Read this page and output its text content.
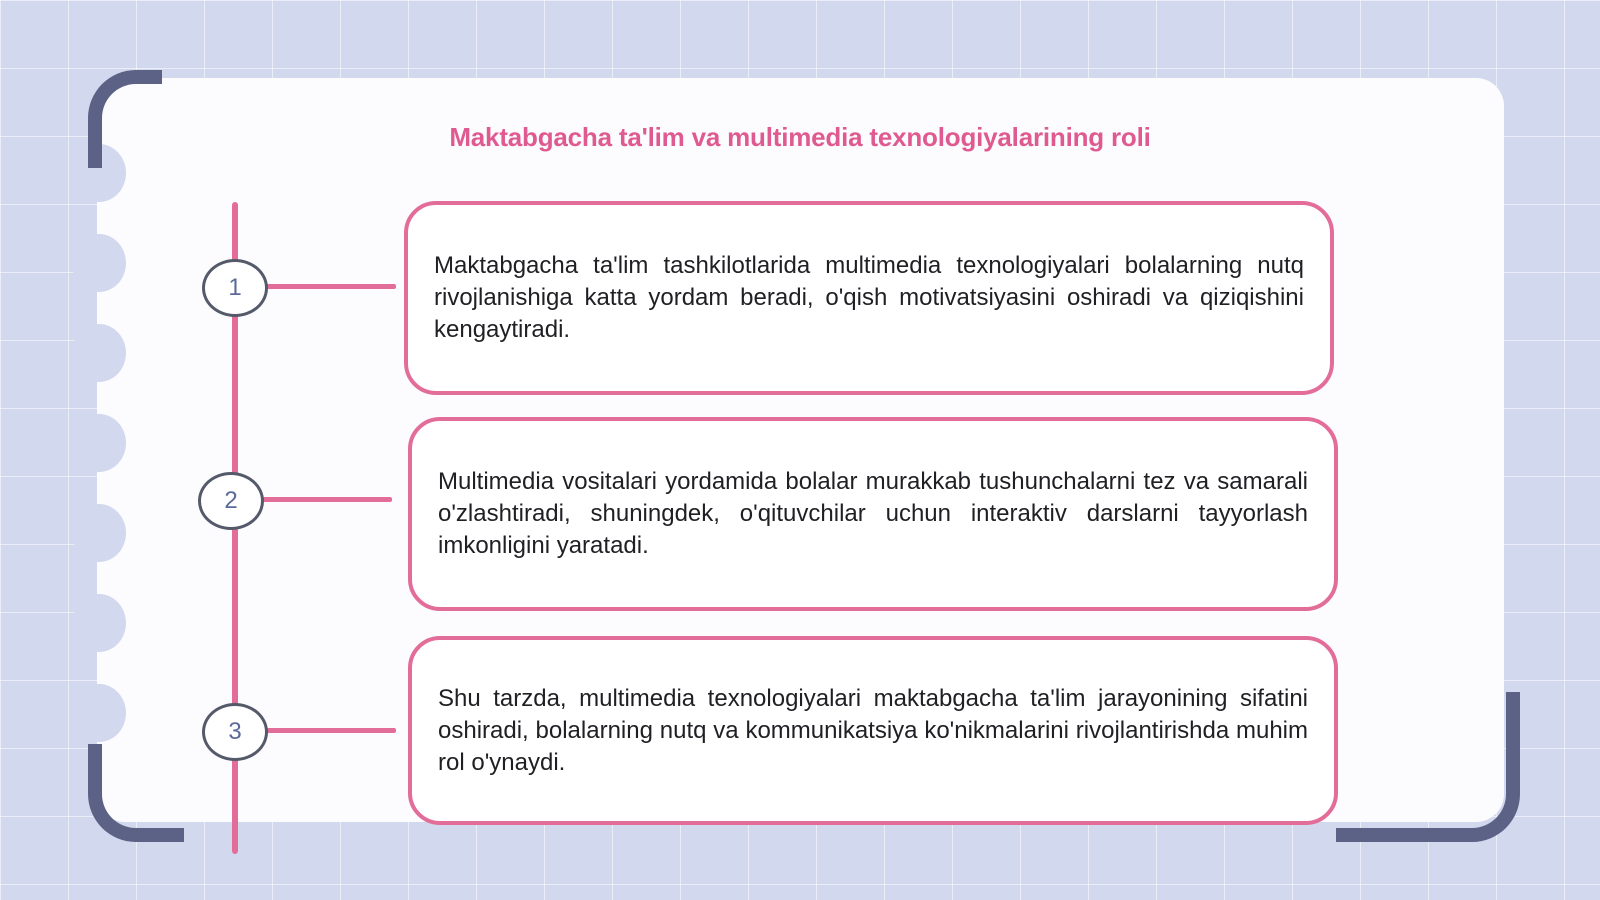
Maktabgacha ta'lim va multimedia texnologiyalarining roli
1
2
3
Maktabgacha ta'lim tashkilotlarida multimedia texnologiyalari bolalarning nutq rivojlanishiga katta yordam beradi, o'qish motivatsiyasini oshiradi va qiziqishini kengaytiradi.
Multimedia vositalari yordamida bolalar murakkab tushunchalarni tez va samarali o'zlashtiradi, shuningdek, o'qituvchilar uchun interaktiv darslarni tayyorlash imkonligini yaratadi.
Shu tarzda, multimedia texnologiyalari maktabgacha ta'lim jarayonining sifatini oshiradi, bolalarning nutq va kommunikatsiya ko'nikmalarini rivojlantirishda muhim rol o'ynaydi.
